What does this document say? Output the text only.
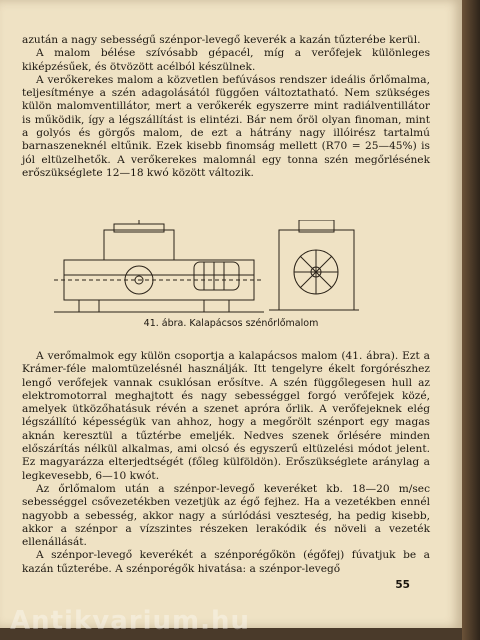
azután a nagy sebességű szénpor-levegő keverék a kazán tűzterébe kerül.

A malom bélése szívósabb gépacél, míg a verőfejek különleges kiképzésűek, és ötvözött acélból készülnek.

A verőkerekes malom a közvetlen befúvásos rendszer ideális őrlőmalma, teljesítménye a szén adagolásától függően változtatható. Nem szükséges külön malomventillátor, mert a verőkerék egyszerre mint radiálventillátor is működik, így a légszállítást is elintézi. Bár nem őröl olyan finoman, mint a golyós és görgős malom, de ezt a hátrány nagy illóirész tartalmú barnaszeneknél eltűnik. Ezek kisebb finomság mellett (R70 = 25—45%) is jól eltüzelhetők. A verőkerekes malomnál egy tonna szén megőrlésének erőszükséglete 12—18 kwó között változik.

41. ábra. Kalapácsos szénőrlőmalom

A verőmalmok egy külön csoportja a kalapácsos malom (41. ábra). Ezt a Krámer-féle malomtüzelésnél használják. Itt tengelyre ékelt forgórészhez lengő verőfejek vannak csuklósan erősítve. A szén függőlegesen hull az elektromotorral meghajtott és nagy sebességgel forgó verőfejek közé, amelyek ütközőhatásuk révén a szenet apróra őrlik. A verőfejeknek elég légszállító képességük van ahhoz, hogy a megőrölt szénport egy magas aknán keresztül a tűztérbe emeljék. Nedves szenek őrlésére minden előszárítás nélkül alkalmas, ami olcsó és egyszerű eltüzelési módot jelent. Ez magyarázza elterjedtségét (főleg külföldön). Erőszükséglete aránylag a legkevesebb, 6—10 kwót.

Az őrlőmalom után a szénpor-levegő keveréket kb. 18—20 m/sec sebességgel csővezetékben vezetjük az égő fejhez. Ha a vezetékben ennél nagyobb a sebesség, akkor nagy a súrlódási veszteség, ha pedig kisebb, akkor a szénpor a vízszintes részeken lerakódik és növeli a vezeték ellenállását.

A szénpor-levegő keverékét a szénporégőkön (égőfej) fúvatjuk be a kazán tűzterébe. A szénporégők hivatása: a szénpor-levegő

55
Antikvarium.hu
